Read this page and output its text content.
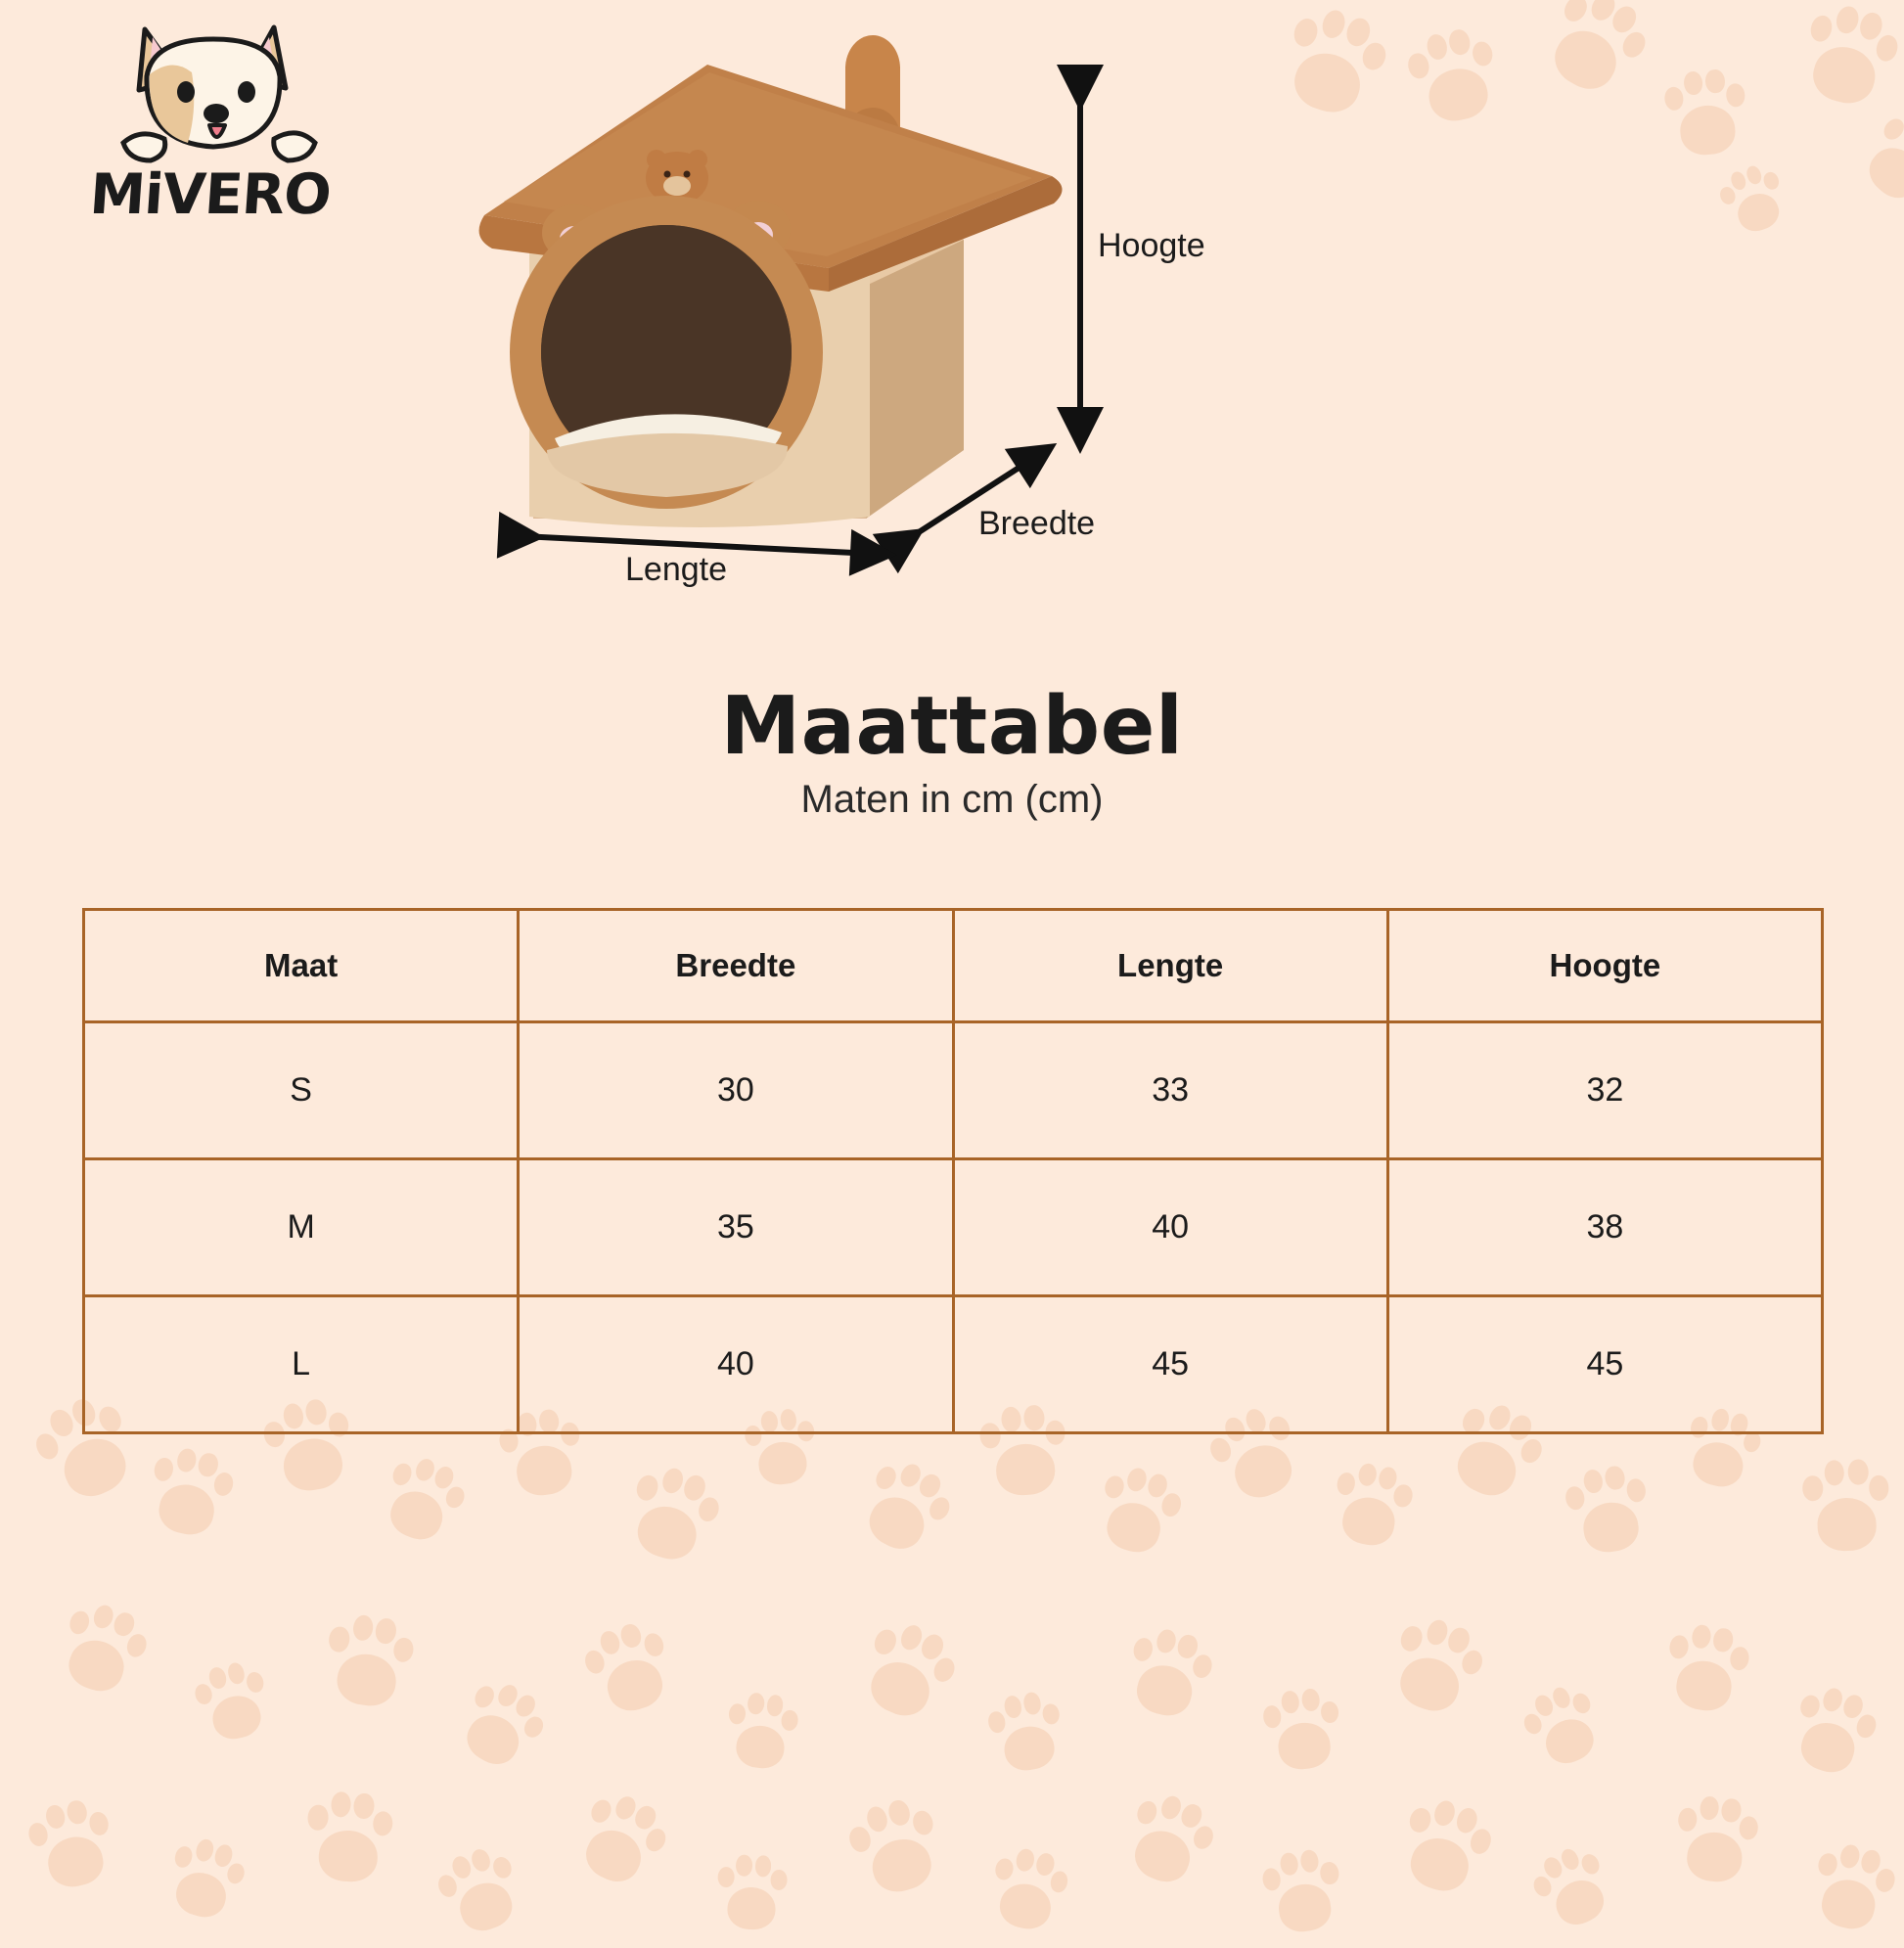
MiVERO
Hoogte
Breedte
Lengte
Maattabel
Maten in cm (cm)
Maat	Breedte	Lengte	Hoogte
S	30	33	32
M	35	40	38
L	40	45	45
